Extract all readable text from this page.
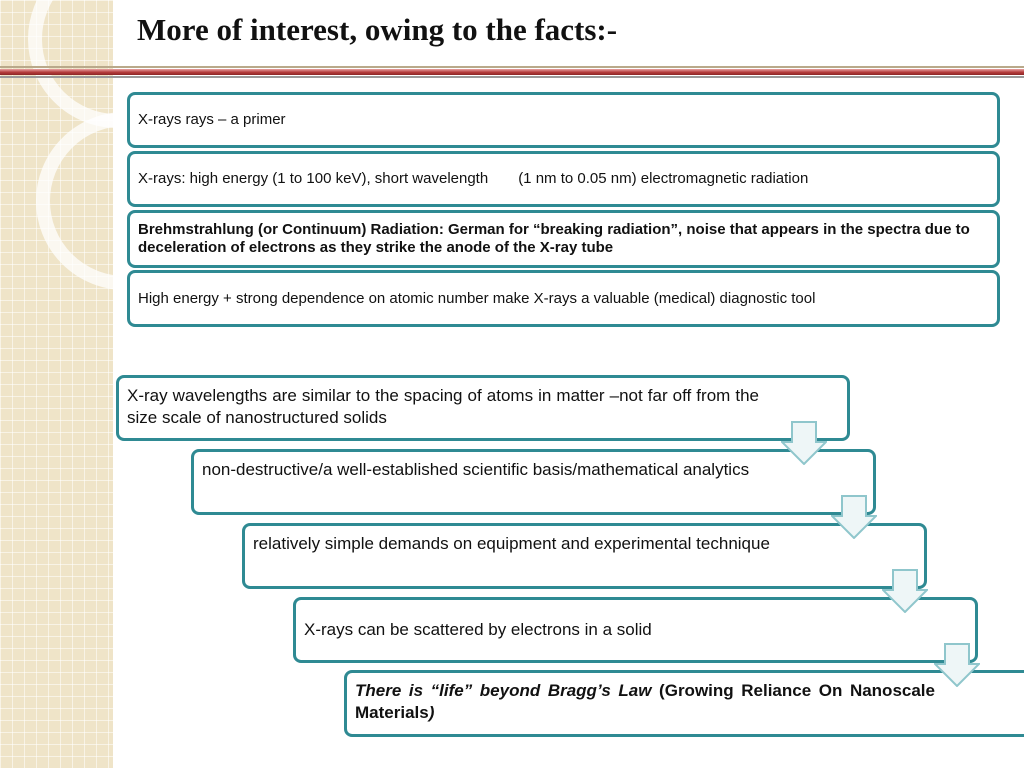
More of interest, owing to the facts:-
X-rays rays – a primer
X-rays: high energy (1 to 100 keV), short wavelength (1 nm to 0.05 nm) electromagnetic radiation
Brehmstrahlung (or Continuum) Radiation: German for “breaking radiation”, noise that appears in the spectra due to deceleration of electrons as they strike the anode of the X-ray tube
High energy + strong dependence on atomic number make X-rays a valuable (medical) diagnostic tool
X-ray wavelengths are similar to the spacing of atoms in matter –not far off from the size scale of nanostructured solids
non-destructive/a well-established scientific basis/mathematical analytics
relatively simple demands on equipment and experimental technique
X-rays can be scattered by electrons in a solid
There is “life” beyond Bragg’s Law (Growing Reliance On Nanoscale Materials)
